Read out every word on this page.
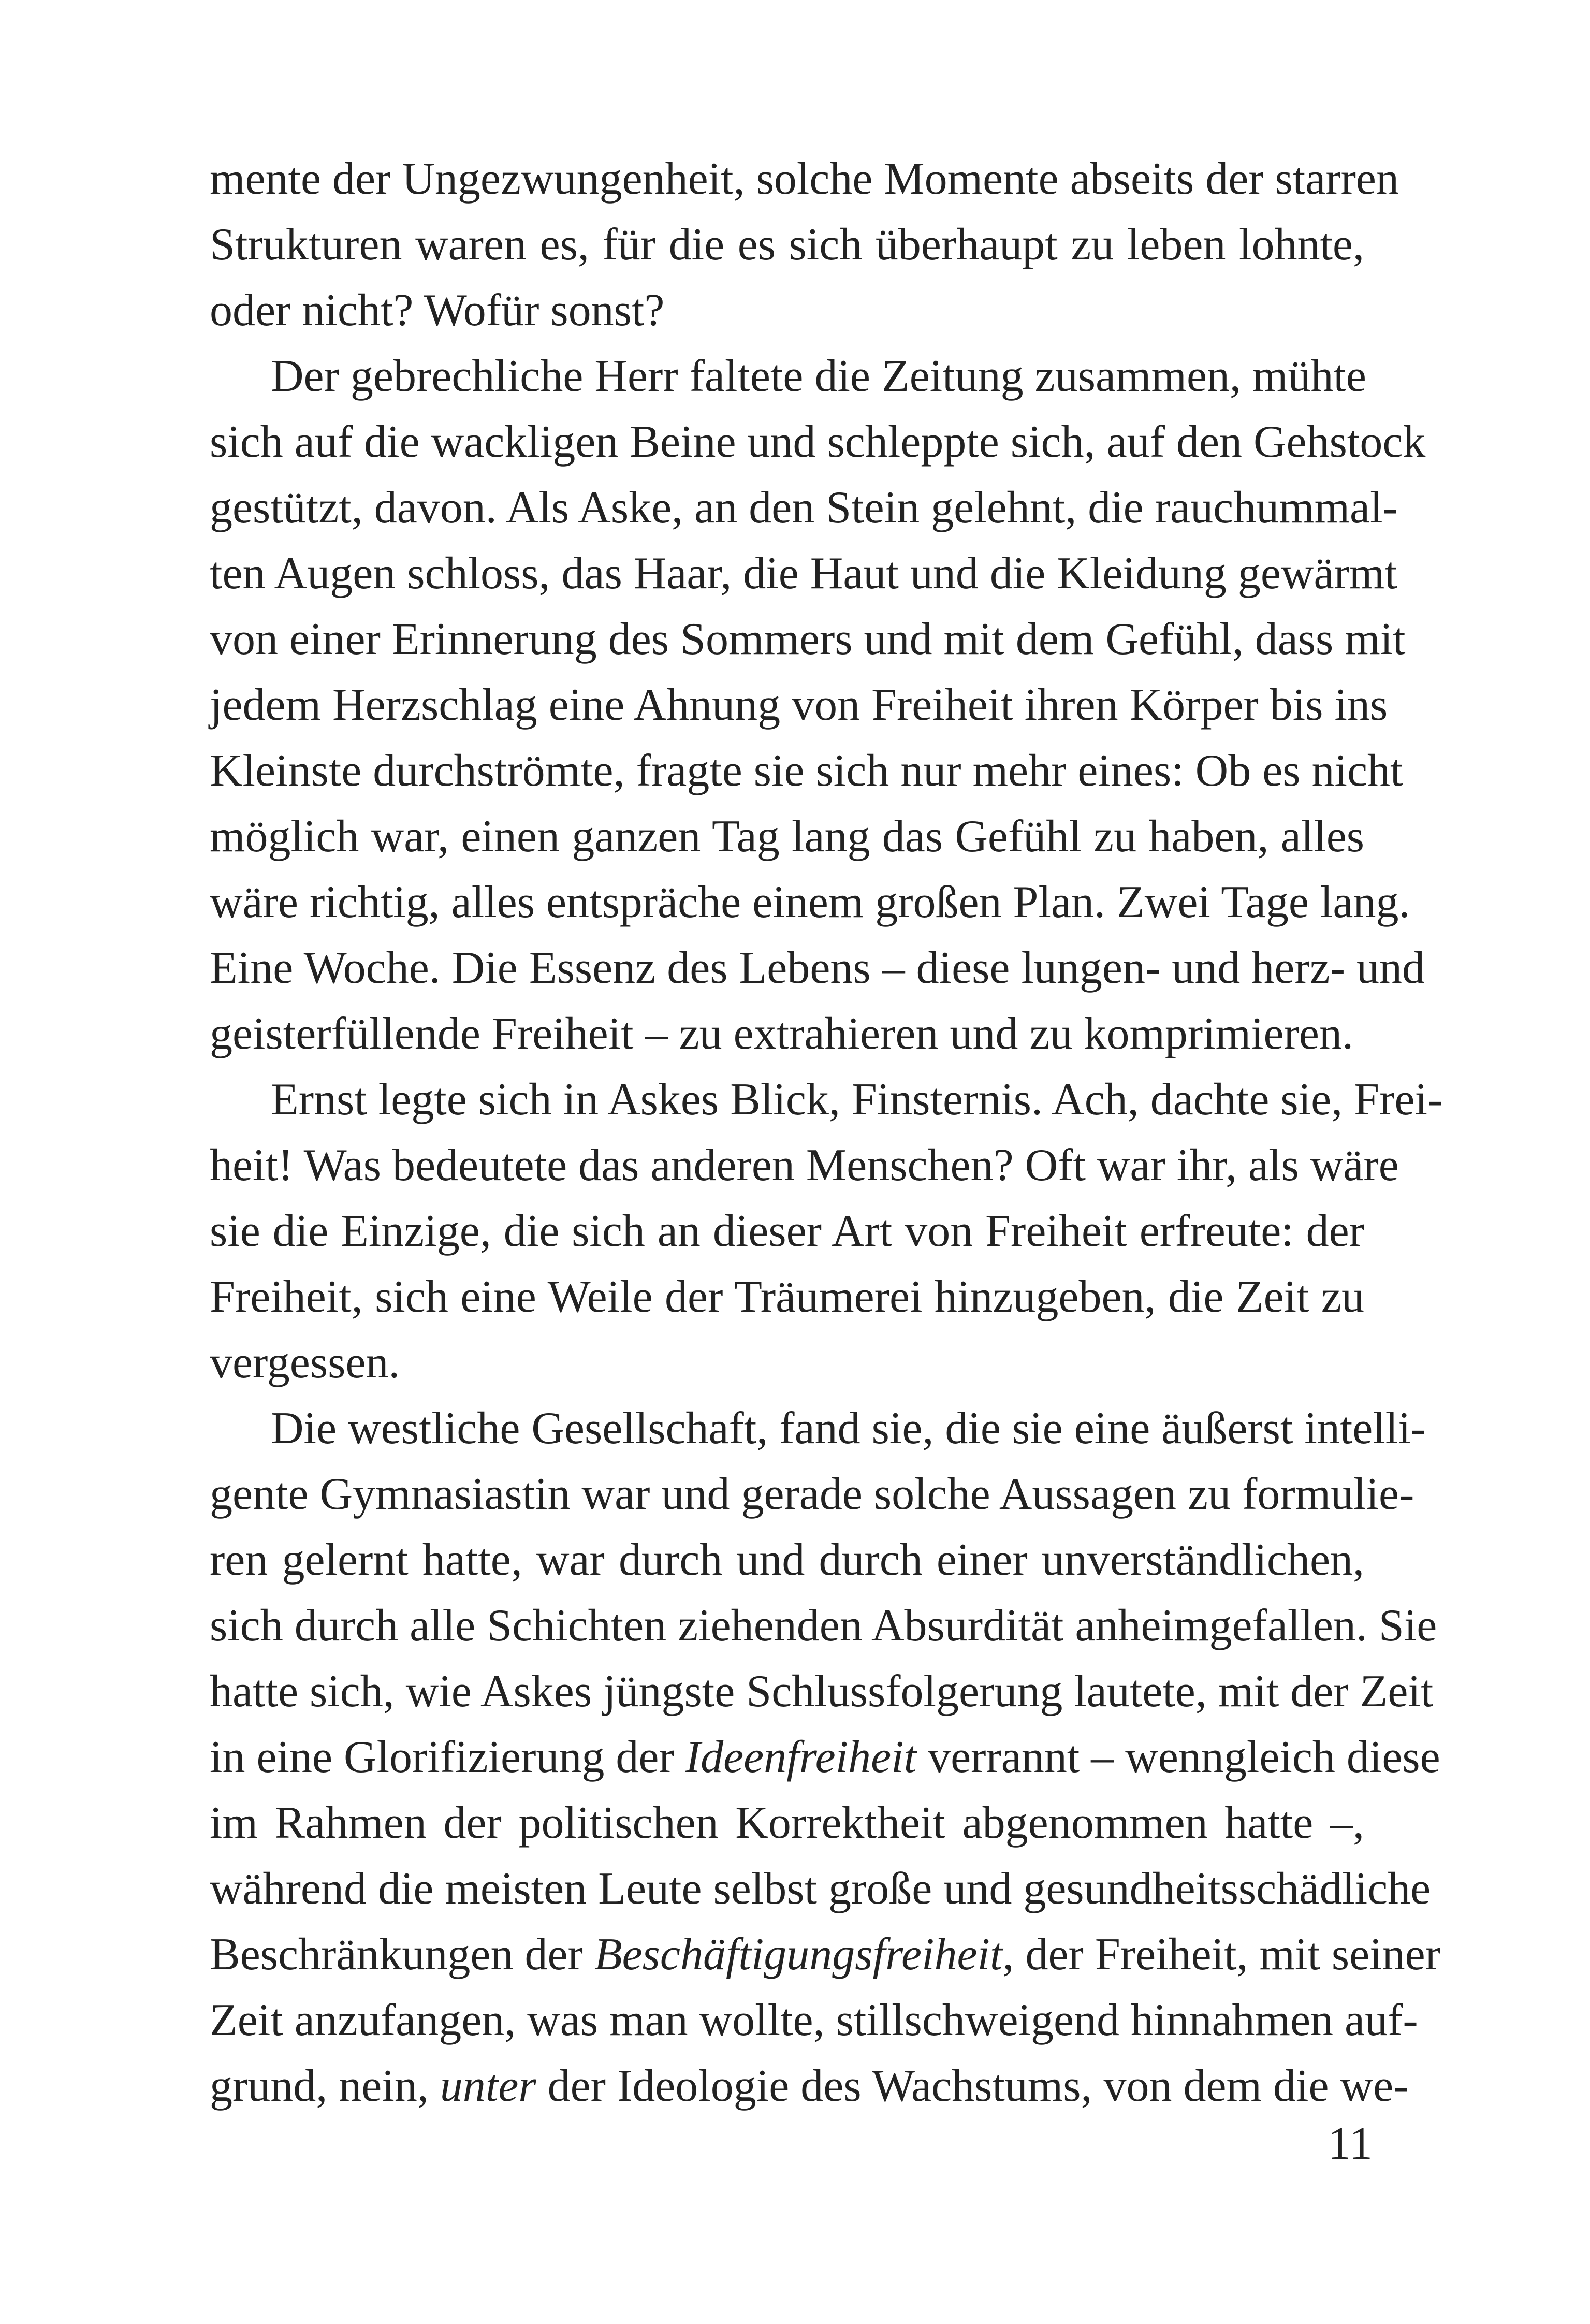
mente der Ungezwungenheit, solche Momente abseits der starren
Strukturen waren es, für die es sich überhaupt zu leben lohnte,
oder nicht? Wofür sonst?
Der gebrechliche Herr faltete die Zeitung zusammen, mühte
sich auf die wackligen Beine und schleppte sich, auf den Gehstock
gestützt, davon. Als Aske, an den Stein gelehnt, die rauchummal-
ten Augen schloss, das Haar, die Haut und die Kleidung gewärmt
von einer Erinnerung des Sommers und mit dem Gefühl, dass mit
jedem Herzschlag eine Ahnung von Freiheit ihren Körper bis ins
Kleinste durchströmte, fragte sie sich nur mehr eines: Ob es nicht
möglich war, einen ganzen Tag lang das Gefühl zu haben, alles
wäre richtig, alles entspräche einem großen Plan. Zwei Tage lang.
Eine Woche. Die Essenz des Lebens – diese lungen- und herz- und
geisterfüllende Freiheit – zu extrahieren und zu komprimieren.
Ernst legte sich in Askes Blick, Finsternis. Ach, dachte sie, Frei-
heit! Was bedeutete das anderen Menschen? Oft war ihr, als wäre
sie die Einzige, die sich an dieser Art von Freiheit erfreute: der
Freiheit, sich eine Weile der Träumerei hinzugeben, die Zeit zu
vergessen.
Die westliche Gesellschaft, fand sie, die sie eine äußerst intelli-
gente Gymnasiastin war und gerade solche Aussagen zu formulie-
ren gelernt hatte, war durch und durch einer unverständlichen,
sich durch alle Schichten ziehenden Absurdität anheimgefallen. Sie
hatte sich, wie Askes jüngste Schlussfolgerung lautete, mit der Zeit
in eine Glorifizierung der Ideenfreiheit verrannt – wenngleich diese
im Rahmen der politischen Korrektheit abgenommen hatte –,
während die meisten Leute selbst große und gesundheitsschädliche
Beschränkungen der Beschäftigungsfreiheit, der Freiheit, mit seiner
Zeit anzufangen, was man wollte, stillschweigend hinnahmen auf-
grund, nein, unter der Ideologie des Wachstums, von dem die we-
11
